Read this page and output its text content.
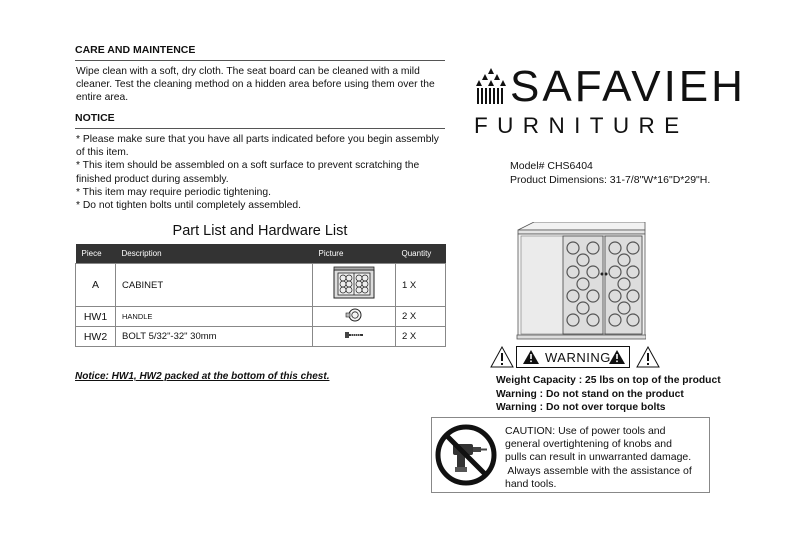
CARE AND MAINTENCE
Wipe clean with a soft, dry cloth. The seat board can be cleaned with a mild
cleaner. Test the cleaning method on a hidden area before using them over the
entire area.
NOTICE
* Please make sure that you have all parts indicated before you begin assembly
of this item.
* This item should be assembled on a soft surface to prevent scratching the
finished product during assembly.
* This item may require periodic tightening.
* Do not tighten bolts until completely assembled.
Part List and Hardware List
Piece	Description	Picture	Quantity
A	CABINET		1 X
HW1	HANDLE		2 X
HW2	BOLT 5/32"-32" 30mm		2 X
Notice: HW1, HW2 packed at the bottom of this chest.
SAFAVIEH
FURNITURE
Model# CHS6404
Product Dimensions: 31-7/8"W*16"D*29"H.
WARNING
Weight Capacity : 25 lbs on top of the product
Warning : Do not stand on the product
Warning : Do not over torque bolts
CAUTION: Use of power tools and
general overtightening of knobs and
pulls can result in unwarranted damage.
Always assemble with the assistance of
hand tools.
